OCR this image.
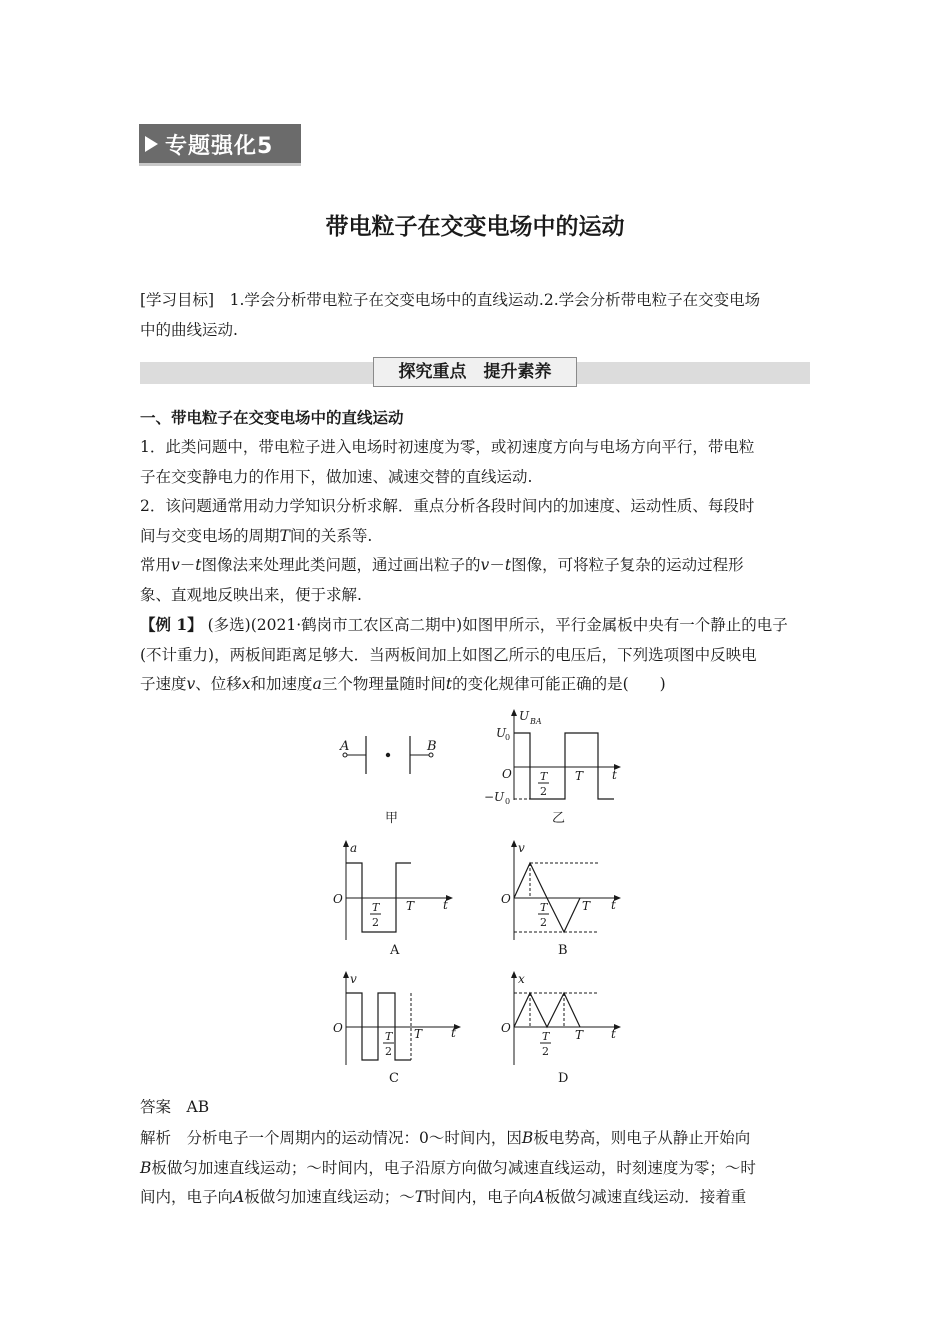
专题强化5
带电粒子在交变电场中的运动
[学习目标]　 1.学会分析带电粒子在交变电场中的直线运动.2.学会分析带电粒子在交变电场
中的曲线运动.
探究重点　提升素养
一、带电粒子在交变电场中的直线运动
1．此类问题中，带电粒子进入电场时初速度为零，或初速度方向与电场方向平行，带电粒
子在交变静电力的作用下，做加速、减速交替的直线运动.
2．该问题通常用动力学知识分析求解．重点分析各段时间内的加速度、运动性质、每段时
间与交变电场的周期T间的关系等.
常用v－t图像法来处理此类问题，通过画出粒子的v－t图像，可将粒子复杂的运动过程形
象、直观地反映出来，便于求解.
【例 1】 (多选)(2021·鹤岗市工农区高二期中)如图甲所示，平行金属板中央有一个静止的电子
(不计重力)，两板间距离足够大．当两板间加上如图乙所示的电压后，下列选项图中反映电
子速度v、位移x和加速度a三个物理量随时间t的变化规律可能正确的是(　　)
A	B
甲
U BA
U
0
−U 0
O	t
T
2
T
乙
a
O	t
T
2
T
A
v
O	t
T
2
T
B
v
O	t
T
2
T
C
x
O	t
T
2
T
D
答案　 AB
解析　 分析电子一个周期内的运动情况：0～时间内，因B板电势高，则电子从静止开始向
B板做匀加速直线运动；～时间内，电子沿原方向做匀减速直线运动，时刻速度为零；～时
间内，电子向A板做匀加速直线运动；～T时间内，电子向A板做匀减速直线运动．接着重
